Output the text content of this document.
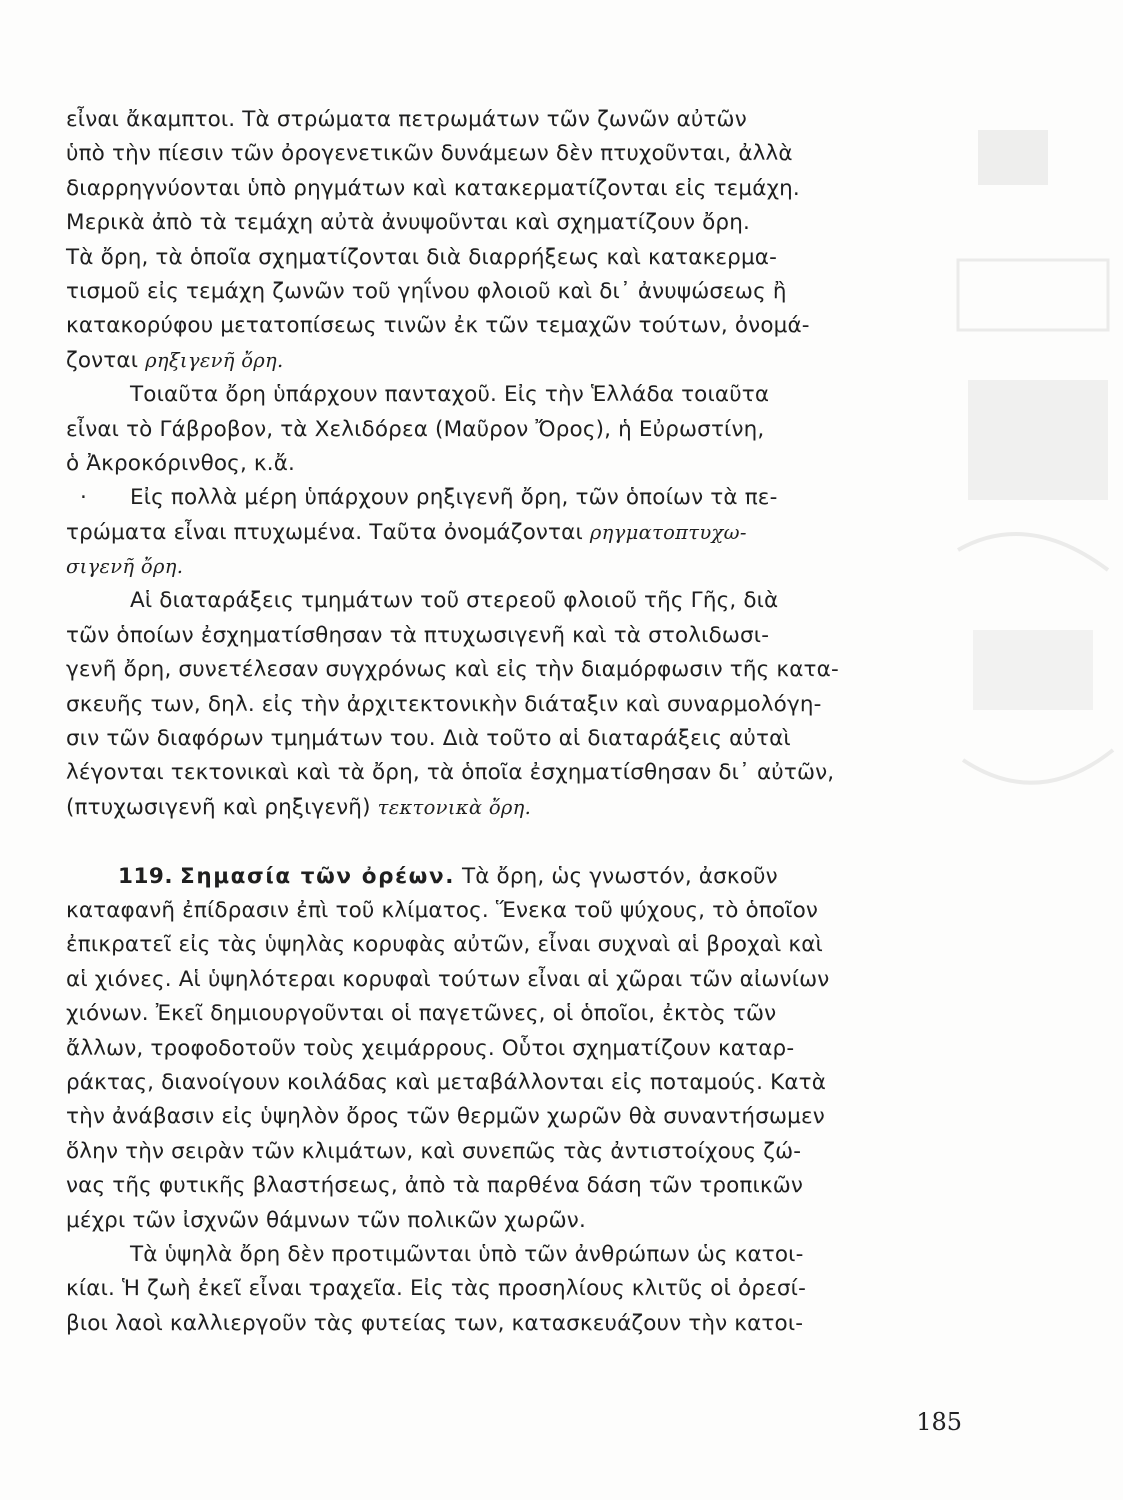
εἶναι ἄκαμπτοι. Τὰ στρώματα πετρωμάτων τῶν ζωνῶν αὐτῶν
ὑπὸ τὴν πίεσιν τῶν ὀρογενετικῶν δυνάμεων δὲν πτυχοῦνται, ἀλλὰ
διαρρηγνύονται ὑπὸ ρηγμάτων καὶ κατακερματίζονται εἰς τεμάχη.
Μερικὰ ἀπὸ τὰ τεμάχη αὐτὰ ἀνυψοῦνται καὶ σχηματίζουν ὄρη.
Τὰ ὄρη, τὰ ὁποῖα σχηματίζονται διὰ διαρρήξεως καὶ κατακερμα-
τισμοῦ εἰς τεμάχη ζωνῶν τοῦ γηΐνου φλοιοῦ καὶ δι᾽ ἀνυψώσεως ἢ
κατακορύφου μετατοπίσεως τινῶν ἐκ τῶν τεμαχῶν τούτων, ὀνομά-
ζονται ρηξιγενῆ ὄρη.
Τοιαῦτα ὄρη ὑπάρχουν πανταχοῦ. Εἰς τὴν Ἑλλάδα τοιαῦτα
εἶναι τὸ Γάβροβον, τὰ Χελιδόρεα (Μαῦρον Ὄρος), ἡ Εὐρωστίνη,
ὁ Ἀκροκόρινθος, κ.ἄ.
· Εἰς πολλὰ μέρη ὑπάρχουν ρηξιγενῆ ὄρη, τῶν ὁποίων τὰ πε-
τρώματα εἶναι πτυχωμένα. Ταῦτα ὀνομάζονται ρηγματοπτυχω-
σιγενῆ ὄρη.
Αἱ διαταράξεις τμημάτων τοῦ στερεοῦ φλοιοῦ τῆς Γῆς, διὰ
τῶν ὁποίων ἐσχηματίσθησαν τὰ πτυχωσιγενῆ καὶ τὰ στολιδωσι-
γενῆ ὄρη, συνετέλεσαν συγχρόνως καὶ εἰς τὴν διαμόρφωσιν τῆς κατα-
σκευῆς των, δηλ. εἰς τὴν ἀρχιτεκτονικὴν διάταξιν καὶ συναρμολόγη-
σιν τῶν διαφόρων τμημάτων του. Διὰ τοῦτο αἱ διαταράξεις αὐταὶ
λέγονται τεκτονικαὶ καὶ τὰ ὄρη, τὰ ὁποῖα ἐσχηματίσθησαν δι᾽ αὐτῶν,
(πτυχωσιγενῆ καὶ ρηξιγενῆ) τεκτονικὰ ὄρη.
119. Σημασία τῶν ὀρέων. Τὰ ὄρη, ὡς γνωστόν, ἀσκοῦν
καταφανῆ ἐπίδρασιν ἐπὶ τοῦ κλίματος. Ἕνεκα τοῦ ψύχους, τὸ ὁποῖον
ἐπικρατεῖ εἰς τὰς ὑψηλὰς κορυφὰς αὐτῶν, εἶναι συχναὶ αἱ βροχαὶ καὶ
αἱ χιόνες. Αἱ ὑψηλότεραι κορυφαὶ τούτων εἶναι αἱ χῶραι τῶν αἰωνίων
χιόνων. Ἐκεῖ δημιουργοῦνται οἱ παγετῶνες, οἱ ὁποῖοι, ἐκτὸς τῶν
ἄλλων, τροφοδοτοῦν τοὺς χειμάρρους. Οὗτοι σχηματίζουν καταρ-
ράκτας, διανοίγουν κοιλάδας καὶ μεταβάλλονται εἰς ποταμούς. Κατὰ
τὴν ἀνάβασιν εἰς ὑψηλὸν ὄρος τῶν θερμῶν χωρῶν θὰ συναντήσωμεν
ὅλην τὴν σειρὰν τῶν κλιμάτων, καὶ συνεπῶς τὰς ἀντιστοίχους ζώ-
νας τῆς φυτικῆς βλαστήσεως, ἀπὸ τὰ παρθένα δάση τῶν τροπικῶν
μέχρι τῶν ἰσχνῶν θάμνων τῶν πολικῶν χωρῶν.
Τὰ ὑψηλὰ ὄρη δὲν προτιμῶνται ὑπὸ τῶν ἀνθρώπων ὡς κατοι-
κίαι. Ἡ ζωὴ ἐκεῖ εἶναι τραχεῖα. Εἰς τὰς προσηλίους κλιτῦς οἱ ὀρεσί-
βιοι λαοὶ καλλιεργοῦν τὰς φυτείας των, κατασκευάζουν τὴν κατοι-
185
